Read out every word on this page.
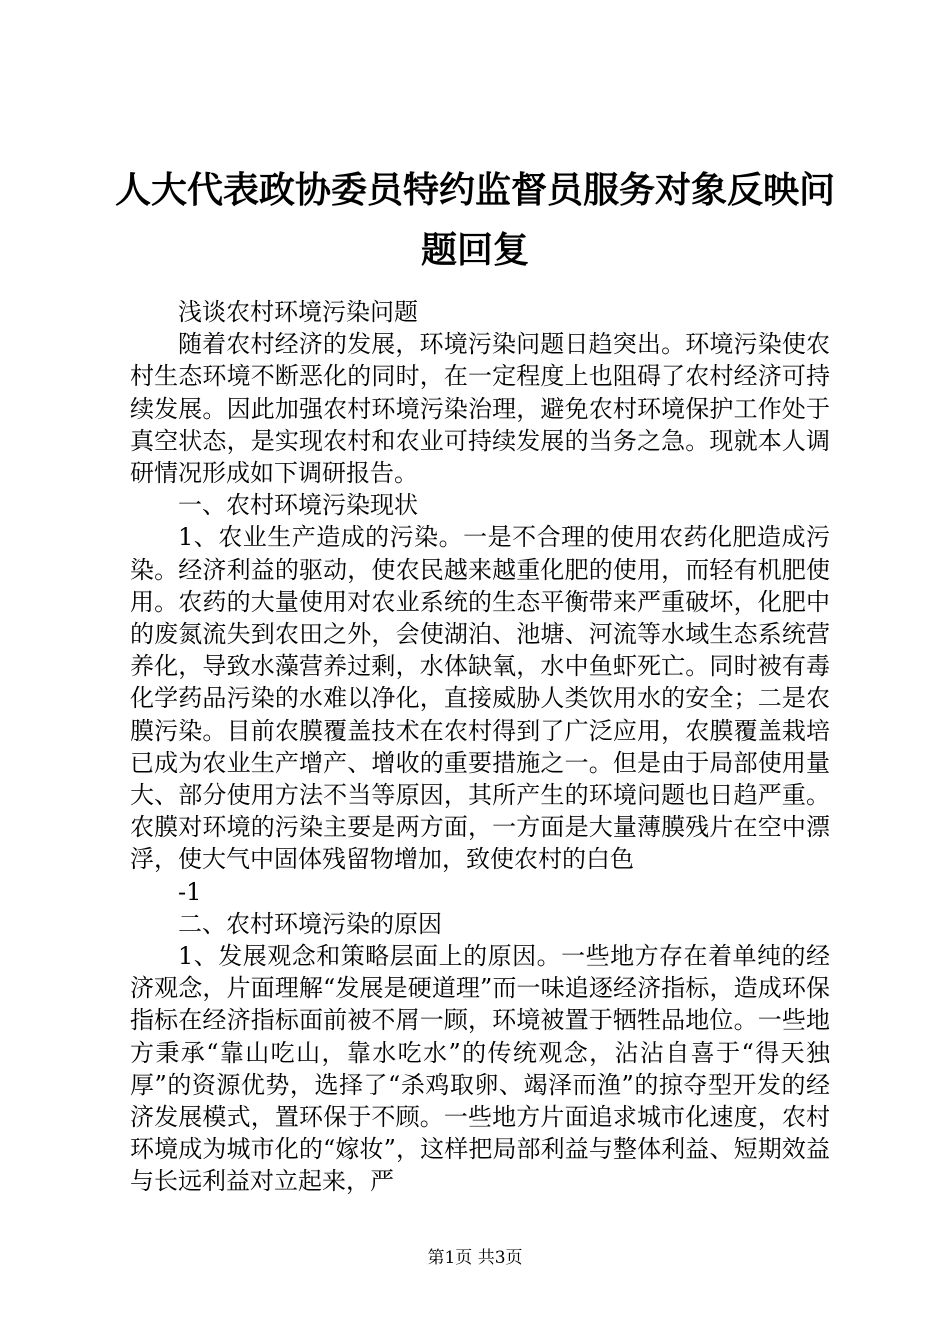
人大代表政协委员特约监督员服务对象反映问题回复

浅谈农村环境污染问题

随着农村经济的发展，环境污染问题日趋突出。环境污染使农村生态环境不断恶化的同时，在一定程度上也阻碍了农村经济可持续发展。因此加强农村环境污染治理，避免农村环境保护工作处于真空状态，是实现农村和农业可持续发展的当务之急。现就本人调研情况形成如下调研报告。

一、农村环境污染现状

1、农业生产造成的污染。一是不合理的使用农药化肥造成污染。经济利益的驱动，使农民越来越重化肥的使用，而轻有机肥使用。农药的大量使用对农业系统的生态平衡带来严重破坏，化肥中的废氮流失到农田之外，会使湖泊、池塘、河流等水域生态系统营养化，导致水藻营养过剩，水体缺氧，水中鱼虾死亡。同时被有毒化学药品污染的水难以净化，直接威胁人类饮用水的安全；二是农膜污染。目前农膜覆盖技术在农村得到了广泛应用，农膜覆盖栽培已成为农业生产增产、增收的重要措施之一。但是由于局部使用量大、部分使用方法不当等原因，其所产生的环境问题也日趋严重。农膜对环境的污染主要是两方面，一方面是大量薄膜残片在空中漂浮，使大气中固体残留物增加，致使农村的白色

-1

二、农村环境污染的原因

1、发展观念和策略层面上的原因。一些地方存在着单纯的经济观念，片面理解“发展是硬道理”而一味追逐经济指标，造成环保指标在经济指标面前被不屑一顾，环境被置于牺牲品地位。一些地方秉承“靠山吃山，靠水吃水”的传统观念，沾沾自喜于“得天独厚”的资源优势，选择了“杀鸡取卵、竭泽而渔”的掠夺型开发的经济发展模式，置环保于不顾。一些地方片面追求城市化速度，农村环境成为城市化的“嫁妆”，这样把局部利益与整体利益、短期效益与长远利益对立起来，严

第1页 共3页
